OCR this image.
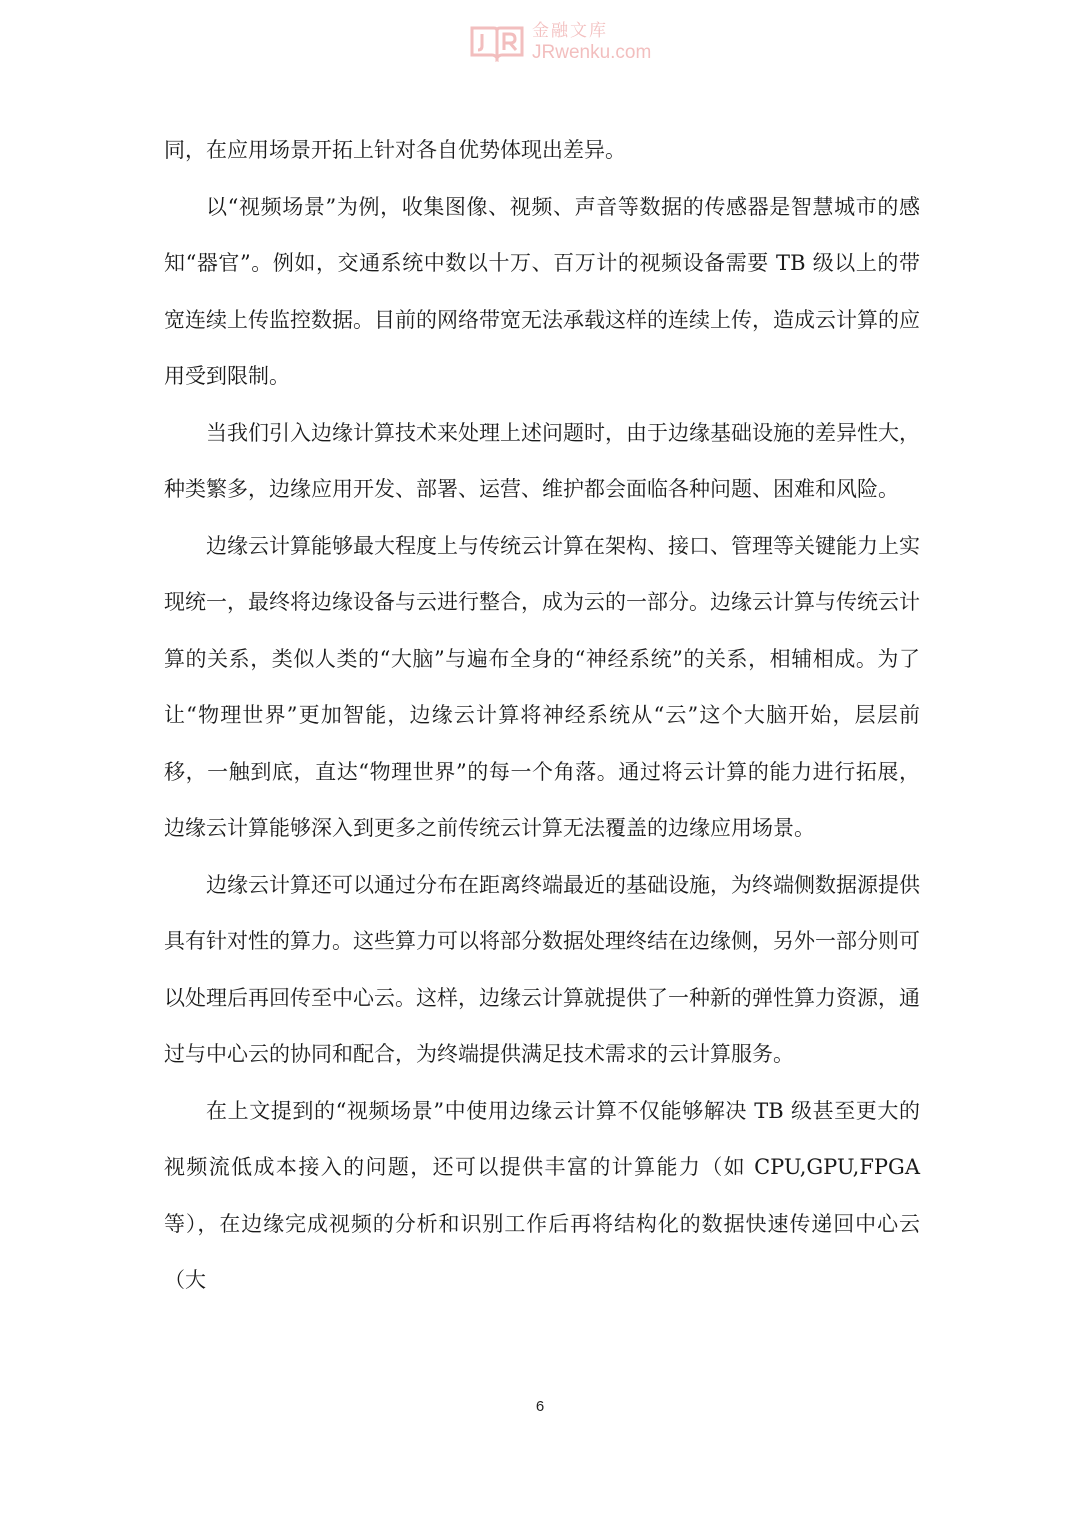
金融文库
JRwenku.com

同，在应用场景开拓上针对各自优势体现出差异。

以“视频场景”为例，收集图像、视频、声音等数据的传感器是智慧城市的感知“器官”。例如，交通系统中数以十万、百万计的视频设备需要 TB 级以上的带宽连续上传监控数据。目前的网络带宽无法承载这样的连续上传，造成云计算的应用受到限制。

当我们引入边缘计算技术来处理上述问题时，由于边缘基础设施的差异性大，种类繁多，边缘应用开发、部署、运营、维护都会面临各种问题、困难和风险。

边缘云计算能够最大程度上与传统云计算在架构、接口、管理等关键能力上实现统一，最终将边缘设备与云进行整合，成为云的一部分。边缘云计算与传统云计算的关系，类似人类的“大脑”与遍布全身的“神经系统”的关系，相辅相成。为了让“物理世界”更加智能，边缘云计算将神经系统从“云”这个大脑开始，层层前移，一触到底，直达“物理世界”的每一个角落。通过将云计算的能力进行拓展，边缘云计算能够深入到更多之前传统云计算无法覆盖的边缘应用场景。

边缘云计算还可以通过分布在距离终端最近的基础设施，为终端侧数据源提供具有针对性的算力。这些算力可以将部分数据处理终结在边缘侧，另外一部分则可以处理后再回传至中心云。这样，边缘云计算就提供了一种新的弹性算力资源，通过与中心云的协同和配合，为终端提供满足技术需求的云计算服务。

在上文提到的“视频场景”中使用边缘云计算不仅能够解决 TB 级甚至更大的视频流低成本接入的问题，还可以提供丰富的计算能力（如 CPU,GPU,FPGA 等），在边缘完成视频的分析和识别工作后再将结构化的数据快速传递回中心云（大

6
